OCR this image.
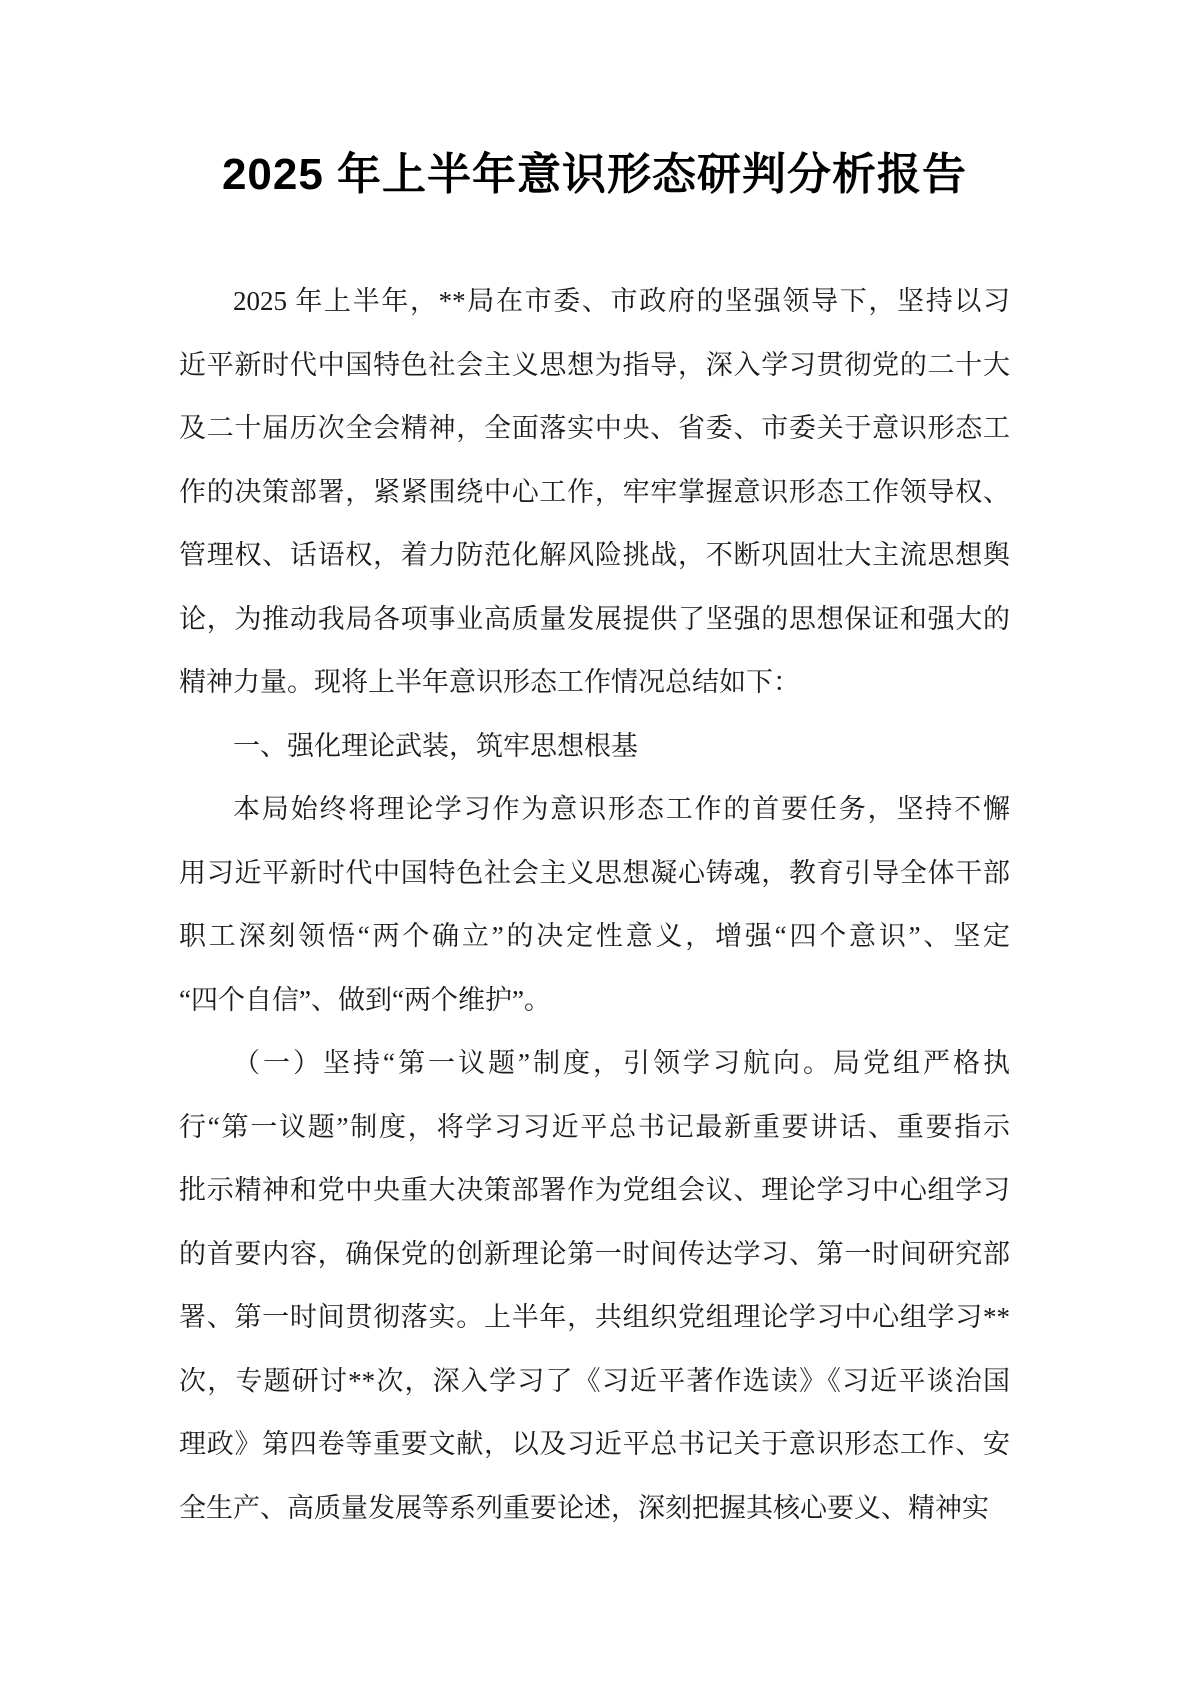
2025 年上半年意识形态研判分析报告
2025 年上半年，**局在市委、市政府的坚强领导下，坚持以习
近平新时代中国特色社会主义思想为指导，深入学习贯彻党的二十大
及二十届历次全会精神，全面落实中央、省委、市委关于意识形态工
作的决策部署，紧紧围绕中心工作，牢牢掌握意识形态工作领导权、
管理权、话语权，着力防范化解风险挑战，不断巩固壮大主流思想舆
论，为推动我局各项事业高质量发展提供了坚强的思想保证和强大的
精神力量。现将上半年意识形态工作情况总结如下：
一、强化理论武装，筑牢思想根基
本局始终将理论学习作为意识形态工作的首要任务，坚持不懈
用习近平新时代中国特色社会主义思想凝心铸魂，教育引导全体干部
职工深刻领悟“两个确立”的决定性意义，增强“四个意识”、坚定
“四个自信”、做到“两个维护”。
（一）坚持“第一议题”制度，引领学习航向。局党组严格执
行“第一议题”制度，将学习习近平总书记最新重要讲话、重要指示
批示精神和党中央重大决策部署作为党组会议、理论学习中心组学习
的首要内容，确保党的创新理论第一时间传达学习、第一时间研究部
署、第一时间贯彻落实。上半年，共组织党组理论学习中心组学习**
次，专题研讨**次，深入学习了《习近平著作选读》《习近平谈治国
理政》第四卷等重要文献，以及习近平总书记关于意识形态工作、安
全生产、高质量发展等系列重要论述，深刻把握其核心要义、精神实
